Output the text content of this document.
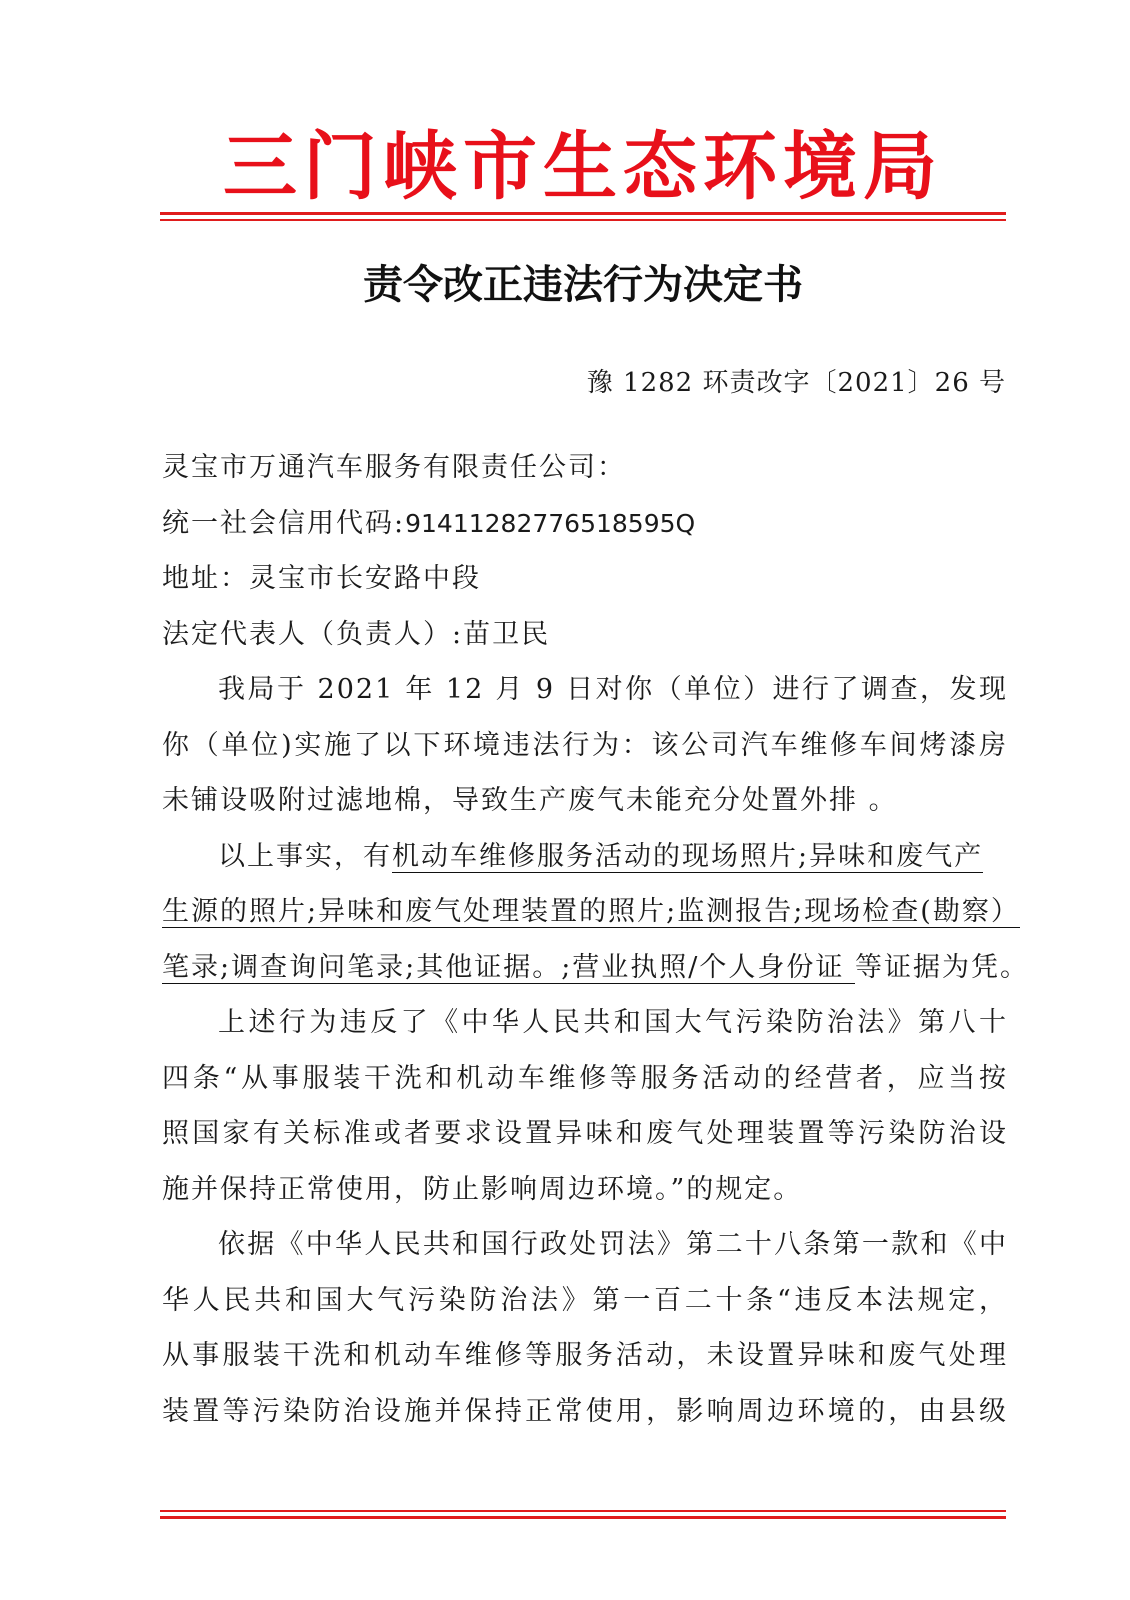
三门峡市生态环境局
责令改正违法行为决定书
豫 1282 环责改字〔2021〕26 号
灵宝市万通汽车服务有限责任公司：
统一社会信用代码:91411282776518595Q
地址：灵宝市长安路中段
法定代表人（负责人）:苗卫民
我局于 2021 年 12 月 9 日对你（单位）进行了调查，发现
你（单位)实施了以下环境违法行为：该公司汽车维修车间烤漆房
未铺设吸附过滤地棉，导致生产废气未能充分处置外排 。
以上事实，有机动车维修服务活动的现场照片;异味和废气产
生源的照片;异味和废气处理装置的照片;监测报告;现场检查(勘察）
笔录;调查询问笔录;其他证据。;营业执照/个人身份证 等证据为凭。
上述行为违反了《中华人民共和国大气污染防治法》第八十
四条“从事服装干洗和机动车维修等服务活动的经营者，应当按
照国家有关标准或者要求设置异味和废气处理装置等污染防治设
施并保持正常使用，防止影响周边环境。”的规定。
依据《中华人民共和国行政处罚法》第二十八条第一款和《中
华人民共和国大气污染防治法》第一百二十条“违反本法规定，
从事服装干洗和机动车维修等服务活动，未设置异味和废气处理
装置等污染防治设施并保持正常使用，影响周边环境的，由县级
